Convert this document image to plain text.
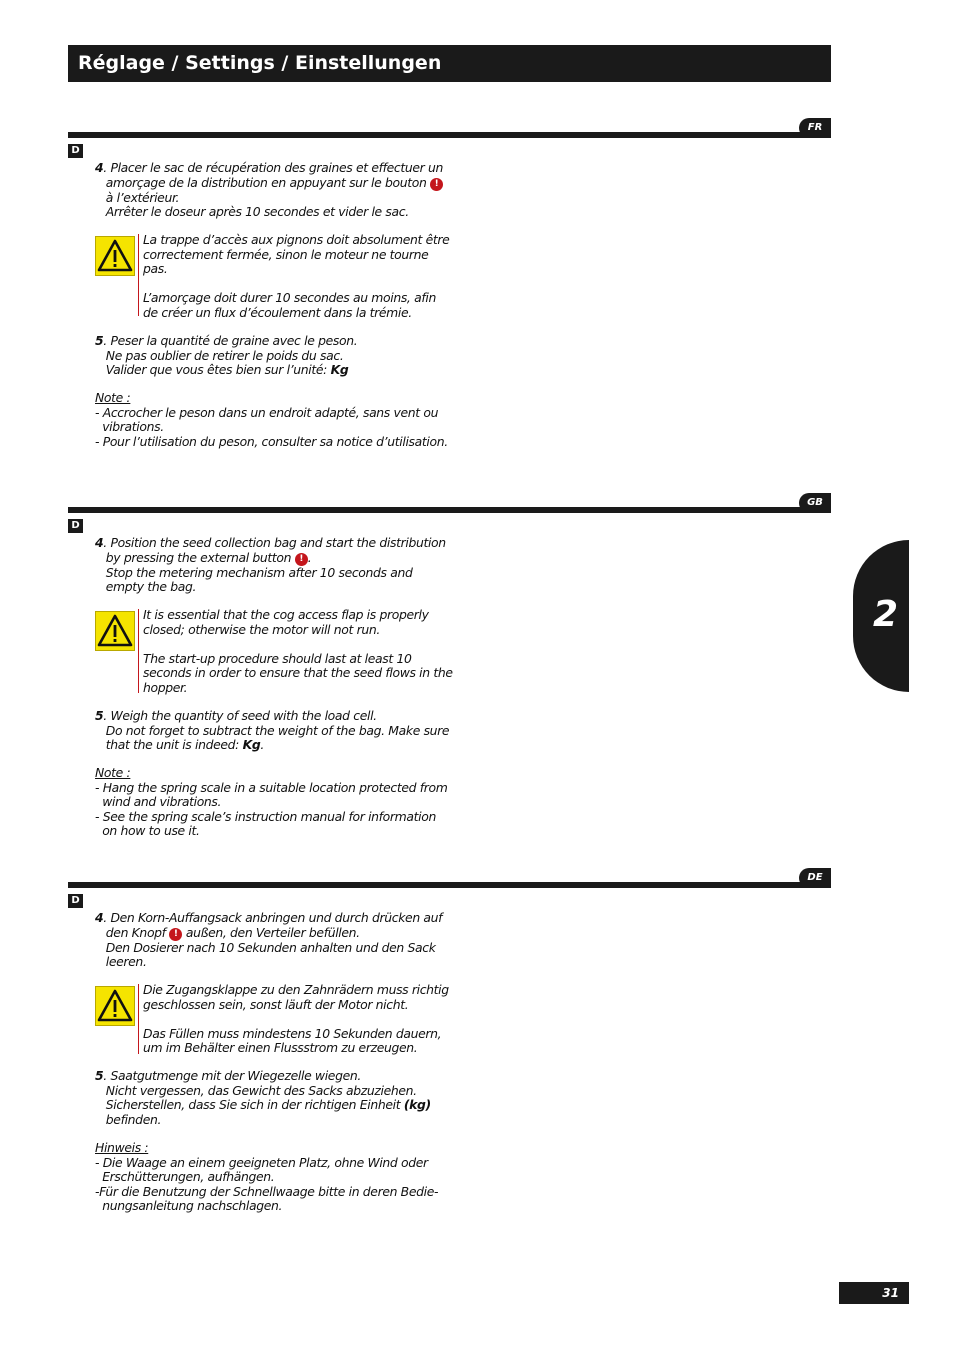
Réglage / Settings / Einstellungen
FR
D
4. Placer le sac de récupération des graines et effectuer un
amorçage de la distribution en appuyant sur le bouton !
à l’extérieur.
Arrêter le doseur après 10 secondes et vider le sac.
La trappe d’accès aux pignons doit absolument être
correctement fermée, sinon le moteur ne tourne
pas.

L’amorçage doit durer 10 secondes au moins, afin
de créer un flux d’écoulement dans la trémie.
5. Peser la quantité de graine avec le peson.
Ne pas oublier de retirer le poids du sac.
Valider que vous êtes bien sur l’unité: Kg
Note :
- Accrocher le peson dans un endroit adapté, sans vent ou
vibrations.
- Pour l’utilisation du peson, consulter sa notice d’utilisation.
GB
D
4. Position the seed collection bag and start the distribution
by pressing the external button ! .
Stop the metering mechanism after 10 seconds and
empty the bag.
It is essential that the cog access flap is properly
closed; otherwise the motor will not run.

The start-up procedure should last at least 10
seconds in order to ensure that the seed flows in the
hopper.
5. Weigh the quantity of seed with the load cell.
Do not forget to subtract the weight of the bag. Make sure
that the unit is indeed: Kg.
Note :
- Hang the spring scale in a suitable location protected from
wind and vibrations.
- See the spring scale’s instruction manual for information
on how to use it.
DE
D
4. Den Korn-Auffangsack anbringen und durch drücken auf
den Knopf ! außen, den Verteiler befüllen.
Den Dosierer nach 10 Sekunden anhalten und den Sack
leeren.
Die Zugangsklappe zu den Zahnrädern muss richtig
geschlossen sein, sonst läuft der Motor nicht.

Das Füllen muss mindestens 10 Sekunden dauern,
um im Behälter einen Flussstrom zu erzeugen.
5. Saatgutmenge mit der Wiegezelle wiegen.
Nicht vergessen, das Gewicht des Sacks abzuziehen.
Sicherstellen, dass Sie sich in der richtigen Einheit (kg)
befinden.
Hinweis :
- Die Waage an einem geeigneten Platz, ohne Wind oder
Erschütterungen, aufhängen.
-Für die Benutzung der Schnellwaage bitte in deren Bedie-
nungsanleitung nachschlagen.
2
31
